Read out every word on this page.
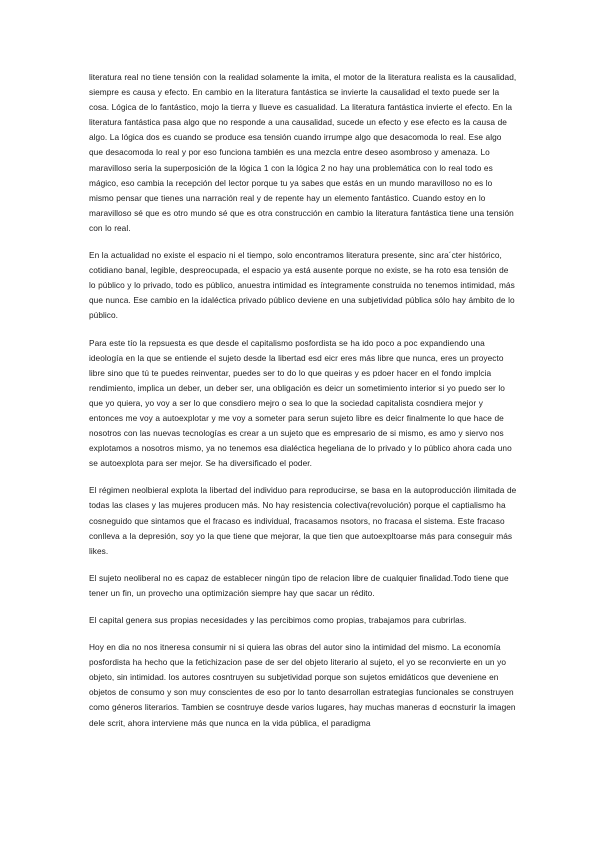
literatura real no tiene tensión con la realidad solamente la imita, el motor de la literatura realista es la causalidad, siempre es causa y efecto. En cambio en la literatura fantástica se invierte la causalidad el texto puede ser la cosa. Lógica de lo fantástico, mojo la tierra y llueve es casualidad. La literatura fantástica invierte el efecto. En la literatura fantástica pasa algo que no responde a una causalidad, sucede un efecto y ese efecto es la causa de algo. La lógica dos es cuando se produce esa tensión cuando irrumpe algo que desacomoda lo real. Ese algo que desacomoda lo real y por eso funciona también es una mezcla entre deseo asombroso y amenaza. Lo maravilloso seria la superposición de la lógica 1 con la lógica 2 no hay una problemática con lo real todo es mágico, eso cambia la recepción del lector porque tu ya sabes que estás en un mundo maravilloso no es lo mismo pensar que tienes una narración real y de repente hay un elemento fantástico. Cuando estoy en lo maravilloso sé que es otro mundo sé que es otra construcción en cambio la literatura fantástica tiene una tensión con lo real.

En la actualidad no existe el espacio ni el tiempo, solo encontramos literatura presente, sinc ara´cter histórico, cotidiano banal, legible, despreocupada, el espacio ya está ausente porque no existe, se ha roto esa tensión de lo público y lo privado, todo es público, anuestra intimidad es íntegramente construida no tenemos intimidad, más que nunca. Ese cambio en la idaléctica privado público deviene en una subjetividad pública sólo hay ámbito de lo público.

Para este tío la repsuesta es que desde el capitalismo posfordista se ha ido poco a poc expandiendo una ideología en la que se entiende el sujeto desde la libertad esd eicr eres más libre que nunca, eres un proyecto libre sino que tú te puedes reinventar, puedes ser to do lo que queiras y es pdoer hacer en el fondo implcia rendimiento, implica un deber, un deber ser, una obligación es deicr un sometimiento interior si yo puedo ser lo que yo quiera, yo voy a ser lo que consdiero mejro o sea lo que la sociedad capitalista cosndiera mejor y entonces me voy a autoexplotar y me voy a someter para serun sujeto libre es deicr finalmente lo que hace de nosotros con las nuevas tecnologías es crear a un sujeto que es empresario de si mismo, es amo y siervo nos explotamos a nosotros mismo, ya no tenemos esa dialéctica hegeliana de lo privado y lo público ahora cada uno se autoexplota para ser mejor. Se ha diversificado el poder.

El régimen neolbieral explota la libertad del individuo para reproducirse, se basa en la autoproducción ilimitada de todas las clases y las mujeres producen más. No hay resistencia colectiva(revolución) porque el captialismo ha cosneguido que sintamos que el fracaso es individual, fracasamos nsotors, no fracasa el sistema. Este fracaso conlleva a la depresión, soy yo la que tiene que mejorar, la que tien que autoexpltoarse más para conseguir más likes.

El sujeto neoliberal no es capaz de establecer ningún tipo de relacion libre de cualquier finalidad.Todo tiene que tener un fin, un provecho una optimización siempre hay que sacar un rédito.

El capital genera sus propias necesidades y las percibimos como propias, trabajamos para cubrirlas.

Hoy en dia no nos itneresa consumir ni si quiera las obras del autor sino la intimidad del mismo. La economía posfordista ha hecho que la fetichizacion pase de ser del objeto literario al sujeto, el yo se reconvierte en un yo objeto, sin intimidad. los autores cosntruyen su subjetividad porque son sujetos emidáticos que deveniene en objetos de consumo y son muy conscientes de eso por lo tanto desarrollan estrategias funcionales se construyen como géneros literarios. Tambien se cosntruye desde varios lugares, hay muchas maneras d eocnsturir la imagen dele scrit, ahora interviene más que nunca en la vida pública, el paradigma
